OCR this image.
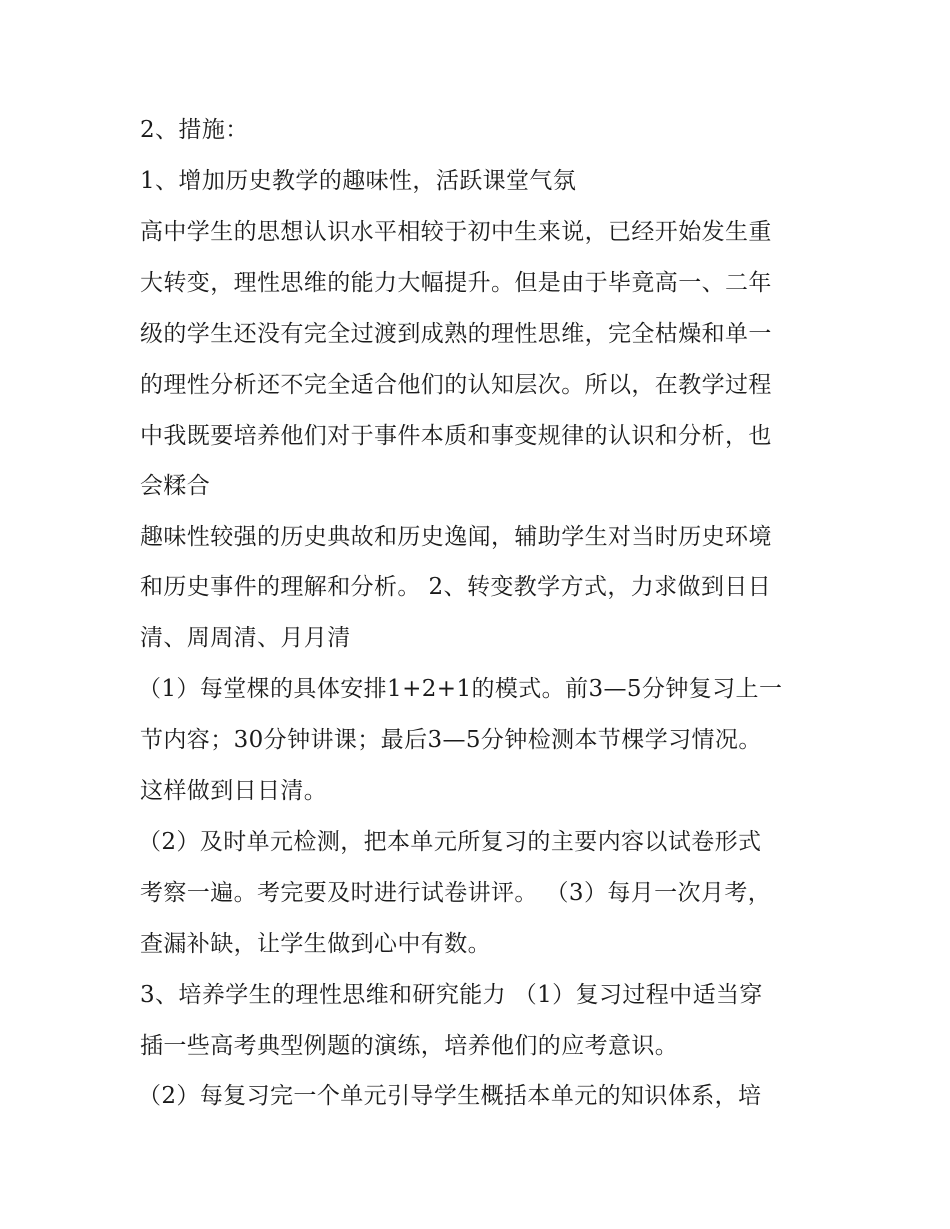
2、措施：
1、增加历史教学的趣味性，活跃课堂气氛
高中学生的思想认识水平相较于初中生来说，已经开始发生重
大转变，理性思维的能力大幅提升。但是由于毕竟高一、二年
级的学生还没有完全过渡到成熟的理性思维，完全枯燥和单一
的理性分析还不完全适合他们的认知层次。所以，在教学过程
中我既要培养他们对于事件本质和事变规律的认识和分析，也
会糅合
趣味性较强的历史典故和历史逸闻，辅助学生对当时历史环境
和历史事件的理解和分析。 2、转变教学方式，力求做到日日
清、周周清、月月清
（1）每堂棵的具体安排1+2+1的模式。前3—5分钟复习上一
节内容；30分钟讲课；最后3—5分钟检测本节棵学习情况。
这样做到日日清。
（2）及时单元检测，把本单元所复习的主要内容以试卷形式
考察一遍。考完要及时进行试卷讲评。 （3）每月一次月考，
查漏补缺，让学生做到心中有数。
3、培养学生的理性思维和研究能力 （1）复习过程中适当穿
插一些高考典型例题的演练，培养他们的应考意识。
（2）每复习完一个单元引导学生概括本单元的知识体系，培
